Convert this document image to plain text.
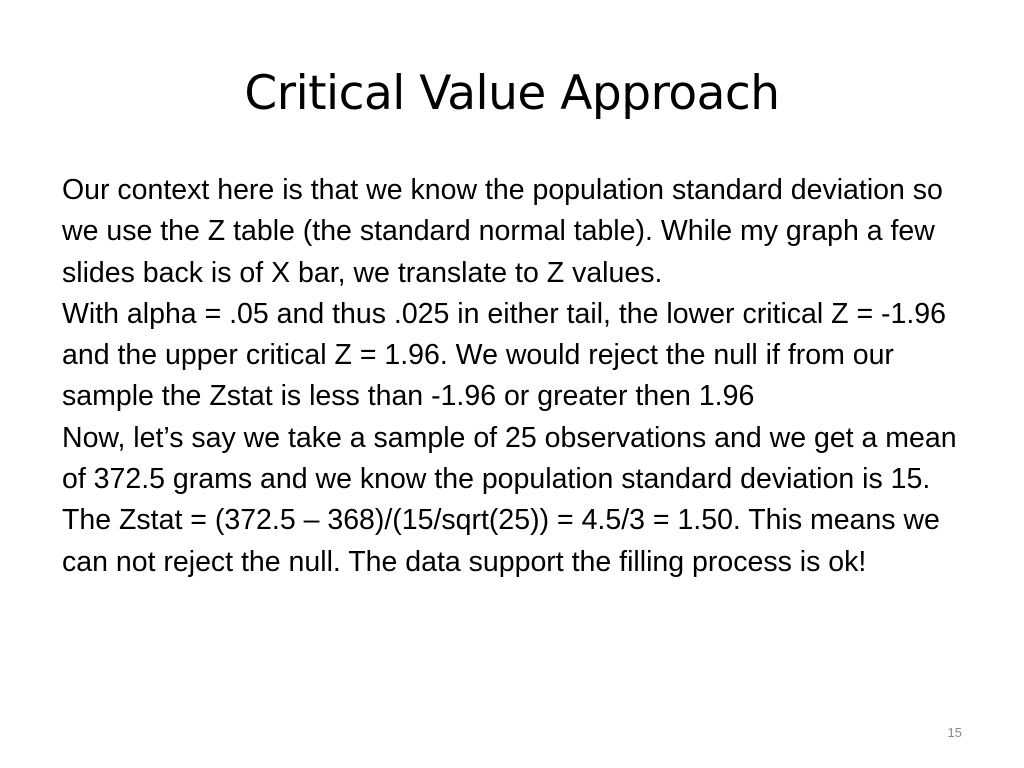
Critical Value Approach

Our context here is that we know the population standard deviation so we use the Z table (the standard normal table). While my graph a few slides back is of X bar, we translate to Z values.

With alpha = .05 and thus .025 in either tail, the lower critical Z = -1.96 and the upper critical Z = 1.96. We would reject the null if from our sample the Zstat is less than -1.96 or greater then 1.96

Now, let’s say we take a sample of 25 observations and we get a mean of 372.5 grams and we know the population standard deviation is 15. The Zstat = (372.5 – 368)/(15/sqrt(25)) = 4.5/3 = 1.50. This means we can not reject the null. The data support the filling process is ok!

15
